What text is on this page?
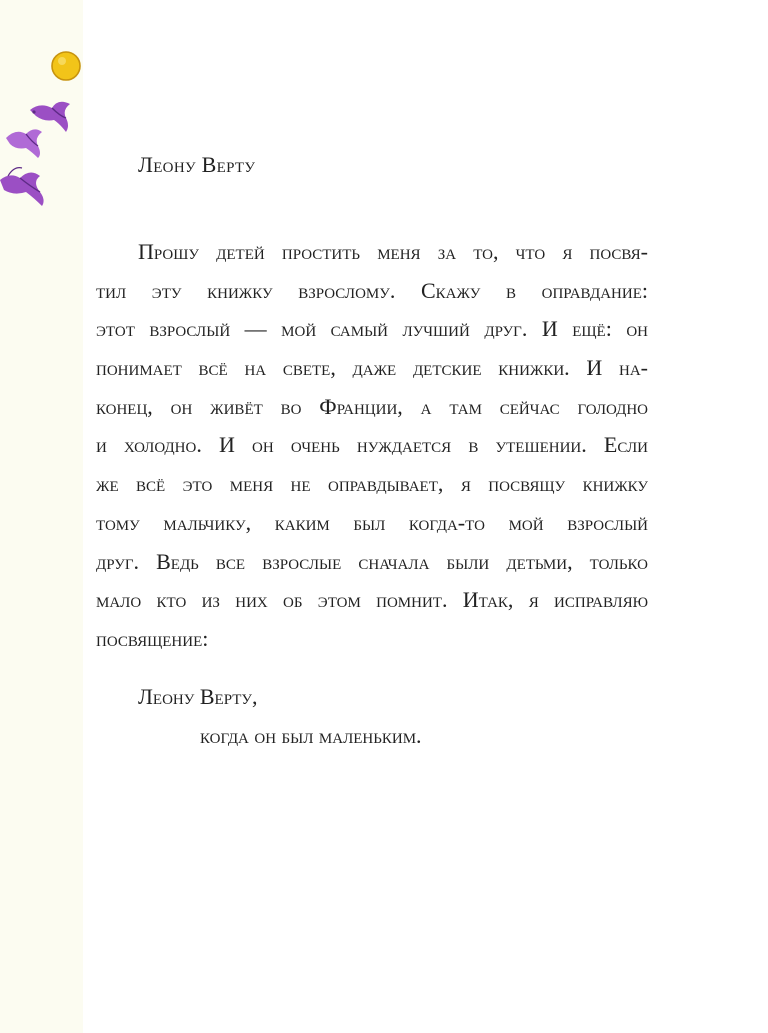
Леону Верту
Прошу детей простить меня за то, что я посвя-
тил эту книжку взрослому. Скажу в оправдание:
этот взрослый — мой самый лучший друг. И ещё: он
понимает всё на свете, даже детские книжки. И на-
конец, он живёт во Франции, а там сейчас голодно
и холодно. И он очень нуждается в утешении. Если
же всё это меня не оправдывает, я посвящу книжку
тому мальчику, каким был когда-то мой взрослый
друг. Ведь все взрослые сначала были детьми, только
мало кто из них об этом помнит. Итак, я исправляю
посвящение:
Леону Верту,
когда он был маленьким.
